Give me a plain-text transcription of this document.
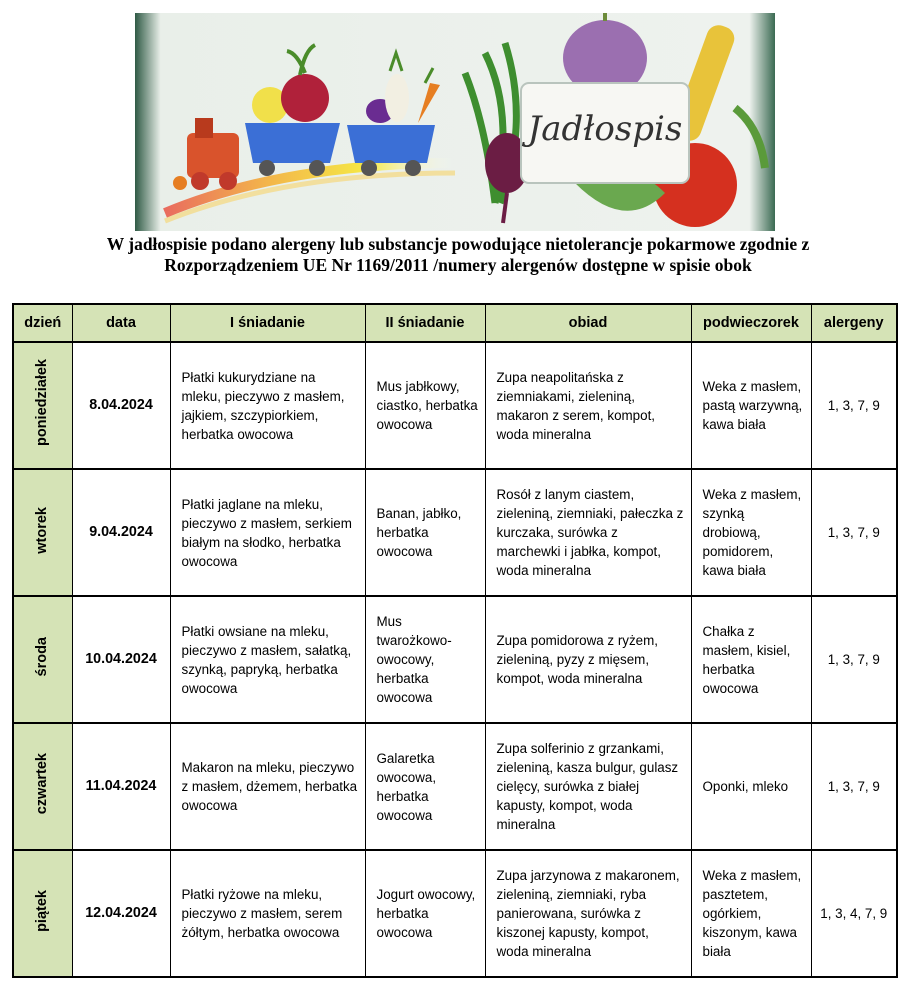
Jadłospis
W jadłospisie podano alergeny lub substancje powodujące nietolerancje pokarmowe zgodnie z
Rozporządzeniem UE Nr 1169/2011 /numery alergenów dostępne w spisie obok
dzień	data	I śniadanie	II śniadanie	obiad	podwieczorek	alergeny
poniedziałek	8.04.2024	Płatki kukurydziane na mleku, pieczywo z masłem, jajkiem, szczypiorkiem, herbatka owocowa	Mus jabłkowy, ciastko, herbatka owocowa	Zupa neapolitańska z ziemniakami, zieleniną, makaron z serem, kompot, woda mineralna	Weka z masłem, pastą warzywną, kawa biała	1, 3, 7, 9
wtorek	9.04.2024	Płatki jaglane na mleku, pieczywo z masłem, serkiem białym na słodko, herbatka owocowa	Banan, jabłko, herbatka owocowa	Rosół z lanym ciastem, zieleniną, ziemniaki, pałeczka z kurczaka, surówka z marchewki i jabłka, kompot, woda mineralna	Weka z masłem, szynką drobiową, pomidorem, kawa biała	1, 3, 7, 9
środa	10.04.2024	Płatki owsiane na mleku, pieczywo z masłem, sałatką, szynką, papryką, herbatka owocowa	Mus twarożkowo-owocowy, herbatka owocowa	Zupa pomidorowa z ryżem, zieleniną, pyzy z mięsem, kompot, woda mineralna	Chałka z masłem, kisiel, herbatka owocowa	1, 3, 7, 9
czwartek	11.04.2024	Makaron na mleku, pieczywo z masłem, dżemem, herbatka owocowa	Galaretka owocowa, herbatka owocowa	Zupa solferinio z grzankami, zieleniną, kasza bulgur, gulasz cielęcy, surówka z białej kapusty, kompot, woda mineralna	Oponki, mleko	1, 3, 7, 9
piątek	12.04.2024	Płatki ryżowe na mleku, pieczywo z masłem, serem żółtym, herbatka owocowa	Jogurt owocowy, herbatka owocowa	Zupa jarzynowa z makaronem, zieleniną, ziemniaki, ryba panierowana, surówka z kiszonej kapusty, kompot, woda mineralna	Weka z masłem, pasztetem, ogórkiem, kiszonym, kawa biała	1, 3, 4, 7, 9
